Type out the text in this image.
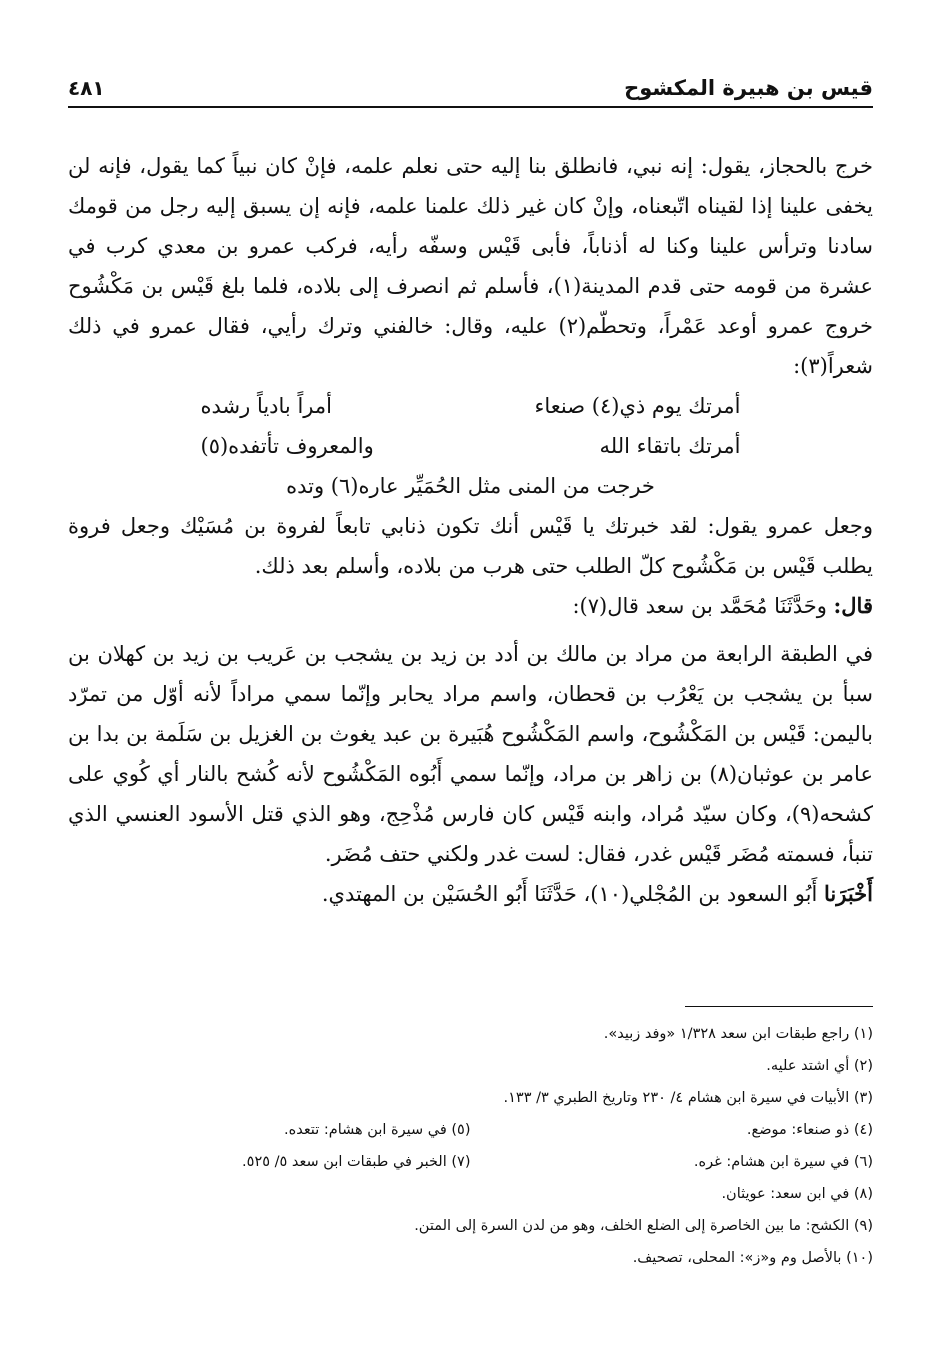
قيس بن هبيرة المكشوح
٤٨١

خرج بالحجاز، يقول: إنه نبي، فانطلق بنا إليه حتى نعلم علمه، فإنْ كان نبياً كما يقول، فإنه لن يخفى علينا إذا لقيناه اتّبعناه، وإنْ كان غير ذلك علمنا علمه، فإنه إن يسبق إليه رجل من قومك سادنا وترأس علينا وكنا له أذناباً، فأبى قَيْس وسفّه رأيه، فركب عمرو بن معدي كرب في عشرة من قومه حتى قدم المدينة(١)، فأسلم ثم انصرف إلى بلاده، فلما بلغ قَيْس بن مَكْشُوح خروج عمرو أوعد عَمْراً، وتحطّم(٢) عليه، وقال: خالفني وترك رأيي، فقال عمرو في ذلك شعراً(٣):

أمرتك يوم ذي(٤) صنعاء
أمراً بادياً رشده
أمرتك باتقاء الله
والمعروف تأتفده(٥)
خرجت من المنى مثل الحُمَيِّر عاره(٦) وتده

وجعل عمرو يقول: لقد خبرتك يا قَيْس أنك تكون ذنابي تابعاً لفروة بن مُسَيْك وجعل فروة يطلب قَيْس بن مَكْشُوح كلّ الطلب حتى هرب من بلاده، وأسلم بعد ذلك.

قال: وحَدَّثَنَا مُحَمَّد بن سعد قال(٧):

في الطبقة الرابعة من مراد بن مالك بن أدد بن زيد بن يشجب بن عَريب بن زيد بن كهلان بن سبأ بن يشجب بن يَعْرُب بن قحطان، واسم مراد يحابر وإنّما سمي مراداً لأنه أوّل من تمرّد باليمن: قَيْس بن المَكْشُوح، واسم المَكْشُوح هُبَيرة بن عبد يغوث بن الغزيل بن سَلَمة بن بدا بن عامر بن عوثبان(٨) بن زاهر بن مراد، وإنّما سمي أَبُوه المَكْشُوح لأنه كُشح بالنار أي كُوي على كشحه(٩)، وكان سيّد مُراد، وابنه قَيْس كان فارس مُذْحِج، وهو الذي قتل الأسود العنسي الذي تنبأ، فسمته مُضَر قَيْس غدر، فقال: لست غدر ولكني حتف مُضَر.

أَخْبَرَنا أَبُو السعود بن المُجْلي(١٠)، حَدَّثَنَا أَبُو الحُسَيْن بن المهتدي.

(١) راجع طبقات ابن سعد ١/٣٢٨ «وفد زبيد».
(٢) أي اشتد عليه.
(٣) الأبيات في سيرة ابن هشام ٤/ ٢٣٠ وتاريخ الطبري ٣/ ١٣٣.
(٤) ذو صنعاء: موضع.
(٥) في سيرة ابن هشام: تتعده.
(٦) في سيرة ابن هشام: غره.
(٧) الخبر في طبقات ابن سعد ٥/ ٥٢٥.
(٨) في ابن سعد: عويثان.
(٩) الكشح: ما بين الخاصرة إلى الضلع الخلف، وهو من لدن السرة إلى المتن.
(١٠) بالأصل وم و«ز»: المحلى، تصحيف.
